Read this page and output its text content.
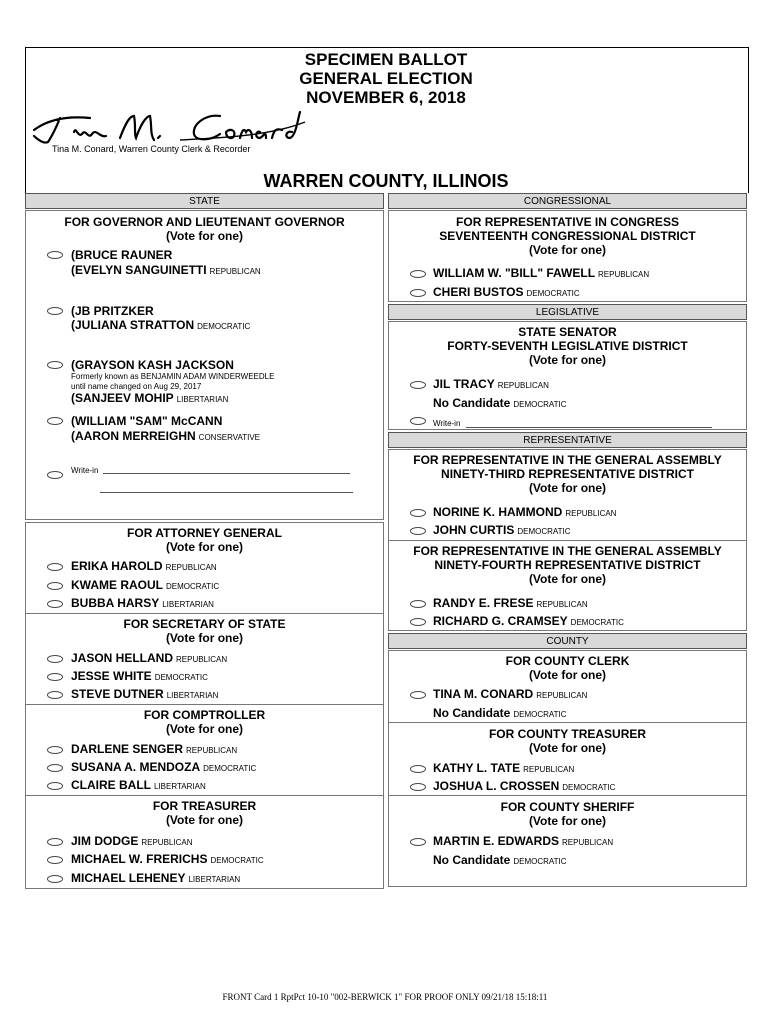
SPECIMEN BALLOT
GENERAL ELECTION
NOVEMBER 6, 2018
Tina M. Conard, Warren County Clerk & Recorder
WARREN COUNTY, ILLINOIS
STATE	CONGRESSIONAL
FOR GOVERNOR AND LIEUTENANT GOVERNOR
(Vote for one)
(BRUCE RAUNER
(EVELYN SANGUINETTI REPUBLICAN
(JB PRITZKER
(JULIANA STRATTON DEMOCRATIC
(GRAYSON KASH JACKSON
Formerly known as BENJAMIN ADAM WINDERWEEDLE
until name changed on Aug 29, 2017
(SANJEEV MOHIP LIBERTARIAN
(WILLIAM "SAM" McCANN
(AARON MERREIGHN CONSERVATIVE
Write-in
FOR ATTORNEY GENERAL
(Vote for one)
ERIKA HAROLD REPUBLICAN
KWAME RAOUL DEMOCRATIC
BUBBA HARSY LIBERTARIAN
FOR SECRETARY OF STATE
(Vote for one)
JASON HELLAND REPUBLICAN
JESSE WHITE DEMOCRATIC
STEVE DUTNER LIBERTARIAN
FOR COMPTROLLER
(Vote for one)
DARLENE SENGER REPUBLICAN
SUSANA A. MENDOZA DEMOCRATIC
CLAIRE BALL LIBERTARIAN
FOR TREASURER
(Vote for one)
JIM DODGE REPUBLICAN
MICHAEL W. FRERICHS DEMOCRATIC
MICHAEL LEHENEY LIBERTARIAN
FOR REPRESENTATIVE IN CONGRESS
SEVENTEENTH CONGRESSIONAL DISTRICT
(Vote for one)
WILLIAM W. "BILL" FAWELL REPUBLICAN
CHERI BUSTOS DEMOCRATIC
LEGISLATIVE
STATE SENATOR
FORTY-SEVENTH LEGISLATIVE DISTRICT
(Vote for one)
JIL TRACY REPUBLICAN
No Candidate DEMOCRATIC
Write-in
REPRESENTATIVE
FOR REPRESENTATIVE IN THE GENERAL ASSEMBLY
NINETY-THIRD REPRESENTATIVE DISTRICT
(Vote for one)
NORINE K. HAMMOND REPUBLICAN
JOHN CURTIS DEMOCRATIC
FOR REPRESENTATIVE IN THE GENERAL ASSEMBLY
NINETY-FOURTH REPRESENTATIVE DISTRICT
(Vote for one)
RANDY E. FRESE REPUBLICAN
RICHARD G. CRAMSEY DEMOCRATIC
COUNTY
FOR COUNTY CLERK
(Vote for one)
TINA M. CONARD REPUBLICAN
No Candidate DEMOCRATIC
FOR COUNTY TREASURER
(Vote for one)
KATHY L. TATE REPUBLICAN
JOSHUA L. CROSSEN DEMOCRATIC
FOR COUNTY SHERIFF
(Vote for one)
MARTIN E. EDWARDS REPUBLICAN
No Candidate DEMOCRATIC
FRONT Card 1 RptPct 10-10 "002-BERWICK 1" FOR PROOF ONLY 09/21/18 15:18:11
